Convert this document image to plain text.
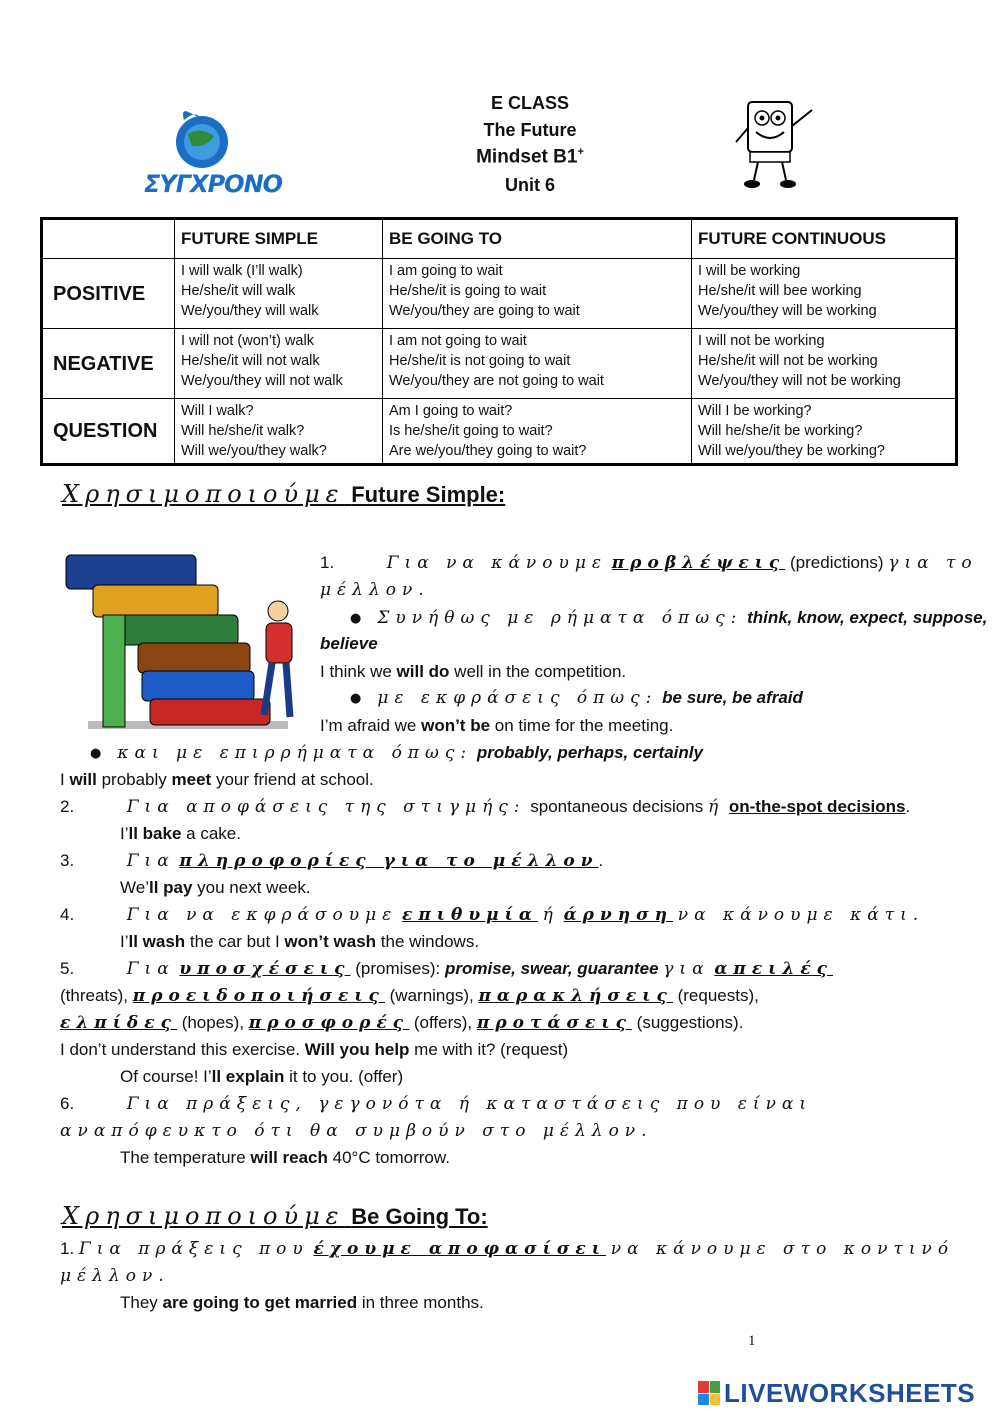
ΣΥΓΧΡΟΝΟ
E CLASS
The Future
Mindset B1+
Unit 6
	FUTURE SIMPLE	BE GOING TO	FUTURE CONTINUOUS
POSITIVE	I will walk (I’ll walk)
He/she/it will walk
We/you/they will walk	I am going to wait
He/she/it is going to wait
We/you/they are going to wait	I will be working
He/she/it will bee working
We/you/they will be working

NEGATIVE	I will not (won’t) walk
He/she/it will not walk
We/you/they will not walk	I am not going to wait
He/she/it is not going to wait
We/you/they are not going to wait	I will not be working
He/she/it will not be working
We/you/they will not be working

QUESTION	Will I walk?
Will he/she/it walk?
Will we/you/they walk?	Am I going to wait?
Is he/she/it going to wait?
Are we/you/they going to wait?	Will I be working?
Will he/she/it be working?
Will we/you/they be working?
Χρησιμοποιούμε Future Simple:
1.	Για να κάνουμε προβλέψεις (predictions) για το
μέλλον.
● Συνήθως με ρήματα όπως: think, know, expect, suppose,
believe
I think we will do well in the competition.
● με εκφράσεις όπως: be sure, be afraid
I’m afraid we won’t be on time for the meeting.
● και με επιρρήματα όπως: probably, perhaps, certainly
I will probably meet your friend at school.
2.	Για αποφάσεις της στιγμής: spontaneous decisions ή on-the-spot decisions.
I’ll bake a cake.
3.	Για πληροφορίες για το μέλλον.
We’ll pay you next week.
4.	Για να εκφράσουμε επιθυμία ή άρνηση να κάνουμε κάτι.
I’ll wash the car but I won’t wash the windows.
5.	Για υποσχέσεις (promises): promise, swear, guarantee για απειλές
(threats), προειδοποιήσεις (warnings), παρακλήσεις (requests),
ελπίδες (hopes), προσφορές (offers), προτάσεις (suggestions).
I don’t understand this exercise. Will you help me with it? (request)
Of course! I’ll explain it to you. (offer)
6.	Για πράξεις, γεγονότα ή καταστάσεις που είναι
αναπόφευκτο ότι θα συμβούν στο μέλλον.
The temperature will reach 40°C tomorrow.
Χρησιμοποιούμε Be Going To:
1. Για πράξεις που έχουμε αποφασίσει να κάνουμε στο κοντινό
μέλλον.
They are going to get married in three months.
1
LIVEWORKSHEETS
